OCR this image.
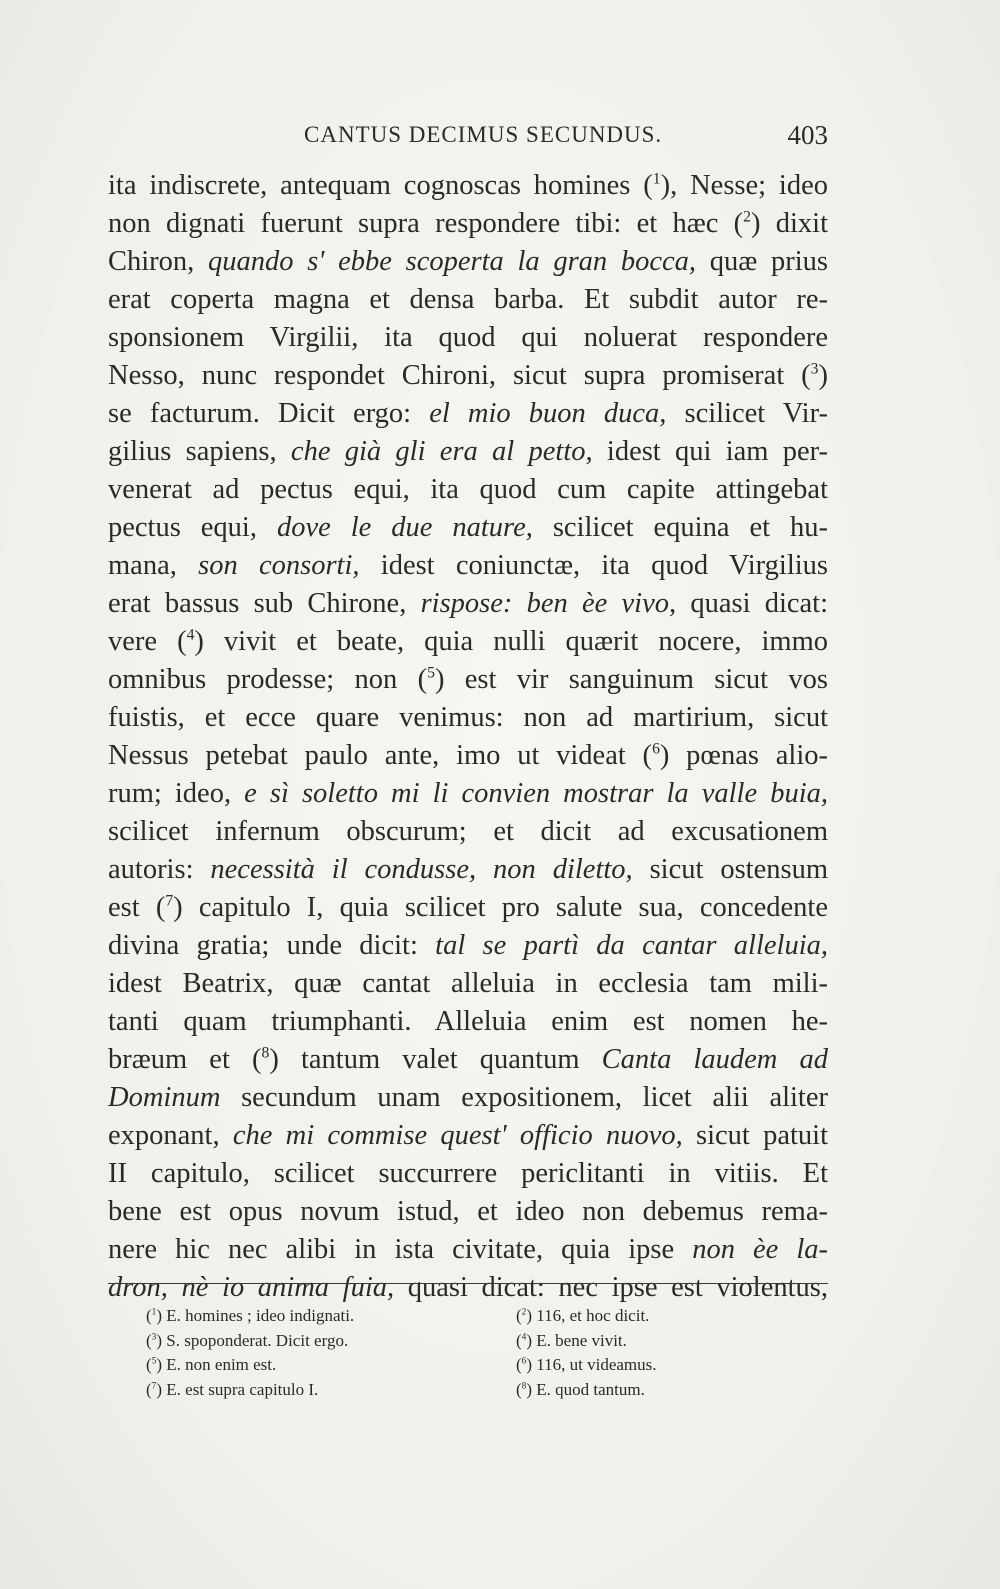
CANTUS DECIMUS SECUNDUS.	403
ita indiscrete, antequam cognoscas homines ($^1$), Nesse; ideo
non dignati fuerunt supra respondere tibi: et hæc ($^2$) dixit
Chiron, quando s' ebbe scoperta la gran bocca, quæ prius
erat coperta magna et densa barba. Et subdit autor re-
sponsionem Virgilii, ita quod qui noluerat respondere
Nesso, nunc respondet Chironi, sicut supra promiserat ($^3$)
se facturum. Dicit ergo: el mio buon duca, scilicet Vir-
gilius sapiens, che già gli era al petto, idest qui iam per-
venerat ad pectus equi, ita quod cum capite attingebat
pectus equi, dove le due nature, scilicet equina et hu-
mana, son consorti, idest coniunctæ, ita quod Virgilius
erat bassus sub Chirone, rispose: ben èe vivo, quasi dicat:
vere ($^4$) vivit et beate, quia nulli quærit nocere, immo
omnibus prodesse; non ($^5$) est vir sanguinum sicut vos
fuistis, et ecce quare venimus: non ad martirium, sicut
Nessus petebat paulo ante, imo ut videat ($^6$) pœnas alio-
rum; ideo, e sì soletto mi li convien mostrar la valle buia,
scilicet infernum obscurum; et dicit ad excusationem
autoris: necessità il condusse, non diletto, sicut ostensum
est ($^7$) capitulo I, quia scilicet pro salute sua, concedente
divina gratia; unde dicit: tal se partì da cantar alleluia,
idest Beatrix, quæ cantat alleluia in ecclesia tam mili-
tanti quam triumphanti. Alleluia enim est nomen he-
bræum et ($^8$) tantum valet quantum Canta laudem ad
Dominum secundum unam expositionem, licet alii aliter
exponant, che mi commise quest' officio nuovo, sicut patuit
II capitulo, scilicet succurrere periclitanti in vitiis. Et
bene est opus novum istud, et ideo non debemus rema-
nere hic nec alibi in ista civitate, quia ipse non èe la-
dron, nè io anima fuia, quasi dicat: nec ipse est violentus,
($^1$) E. homines ; ideo indignati.
($^3$) S. spoponderat. Dicit ergo.
($^5$) E. non enim est.
($^7$) E. est supra capitulo I.
($^2$) 116, et hoc dicit.
($^4$) E. bene vivit.
($^6$) 116, ut videamus.
($^8$) E. quod tantum.
